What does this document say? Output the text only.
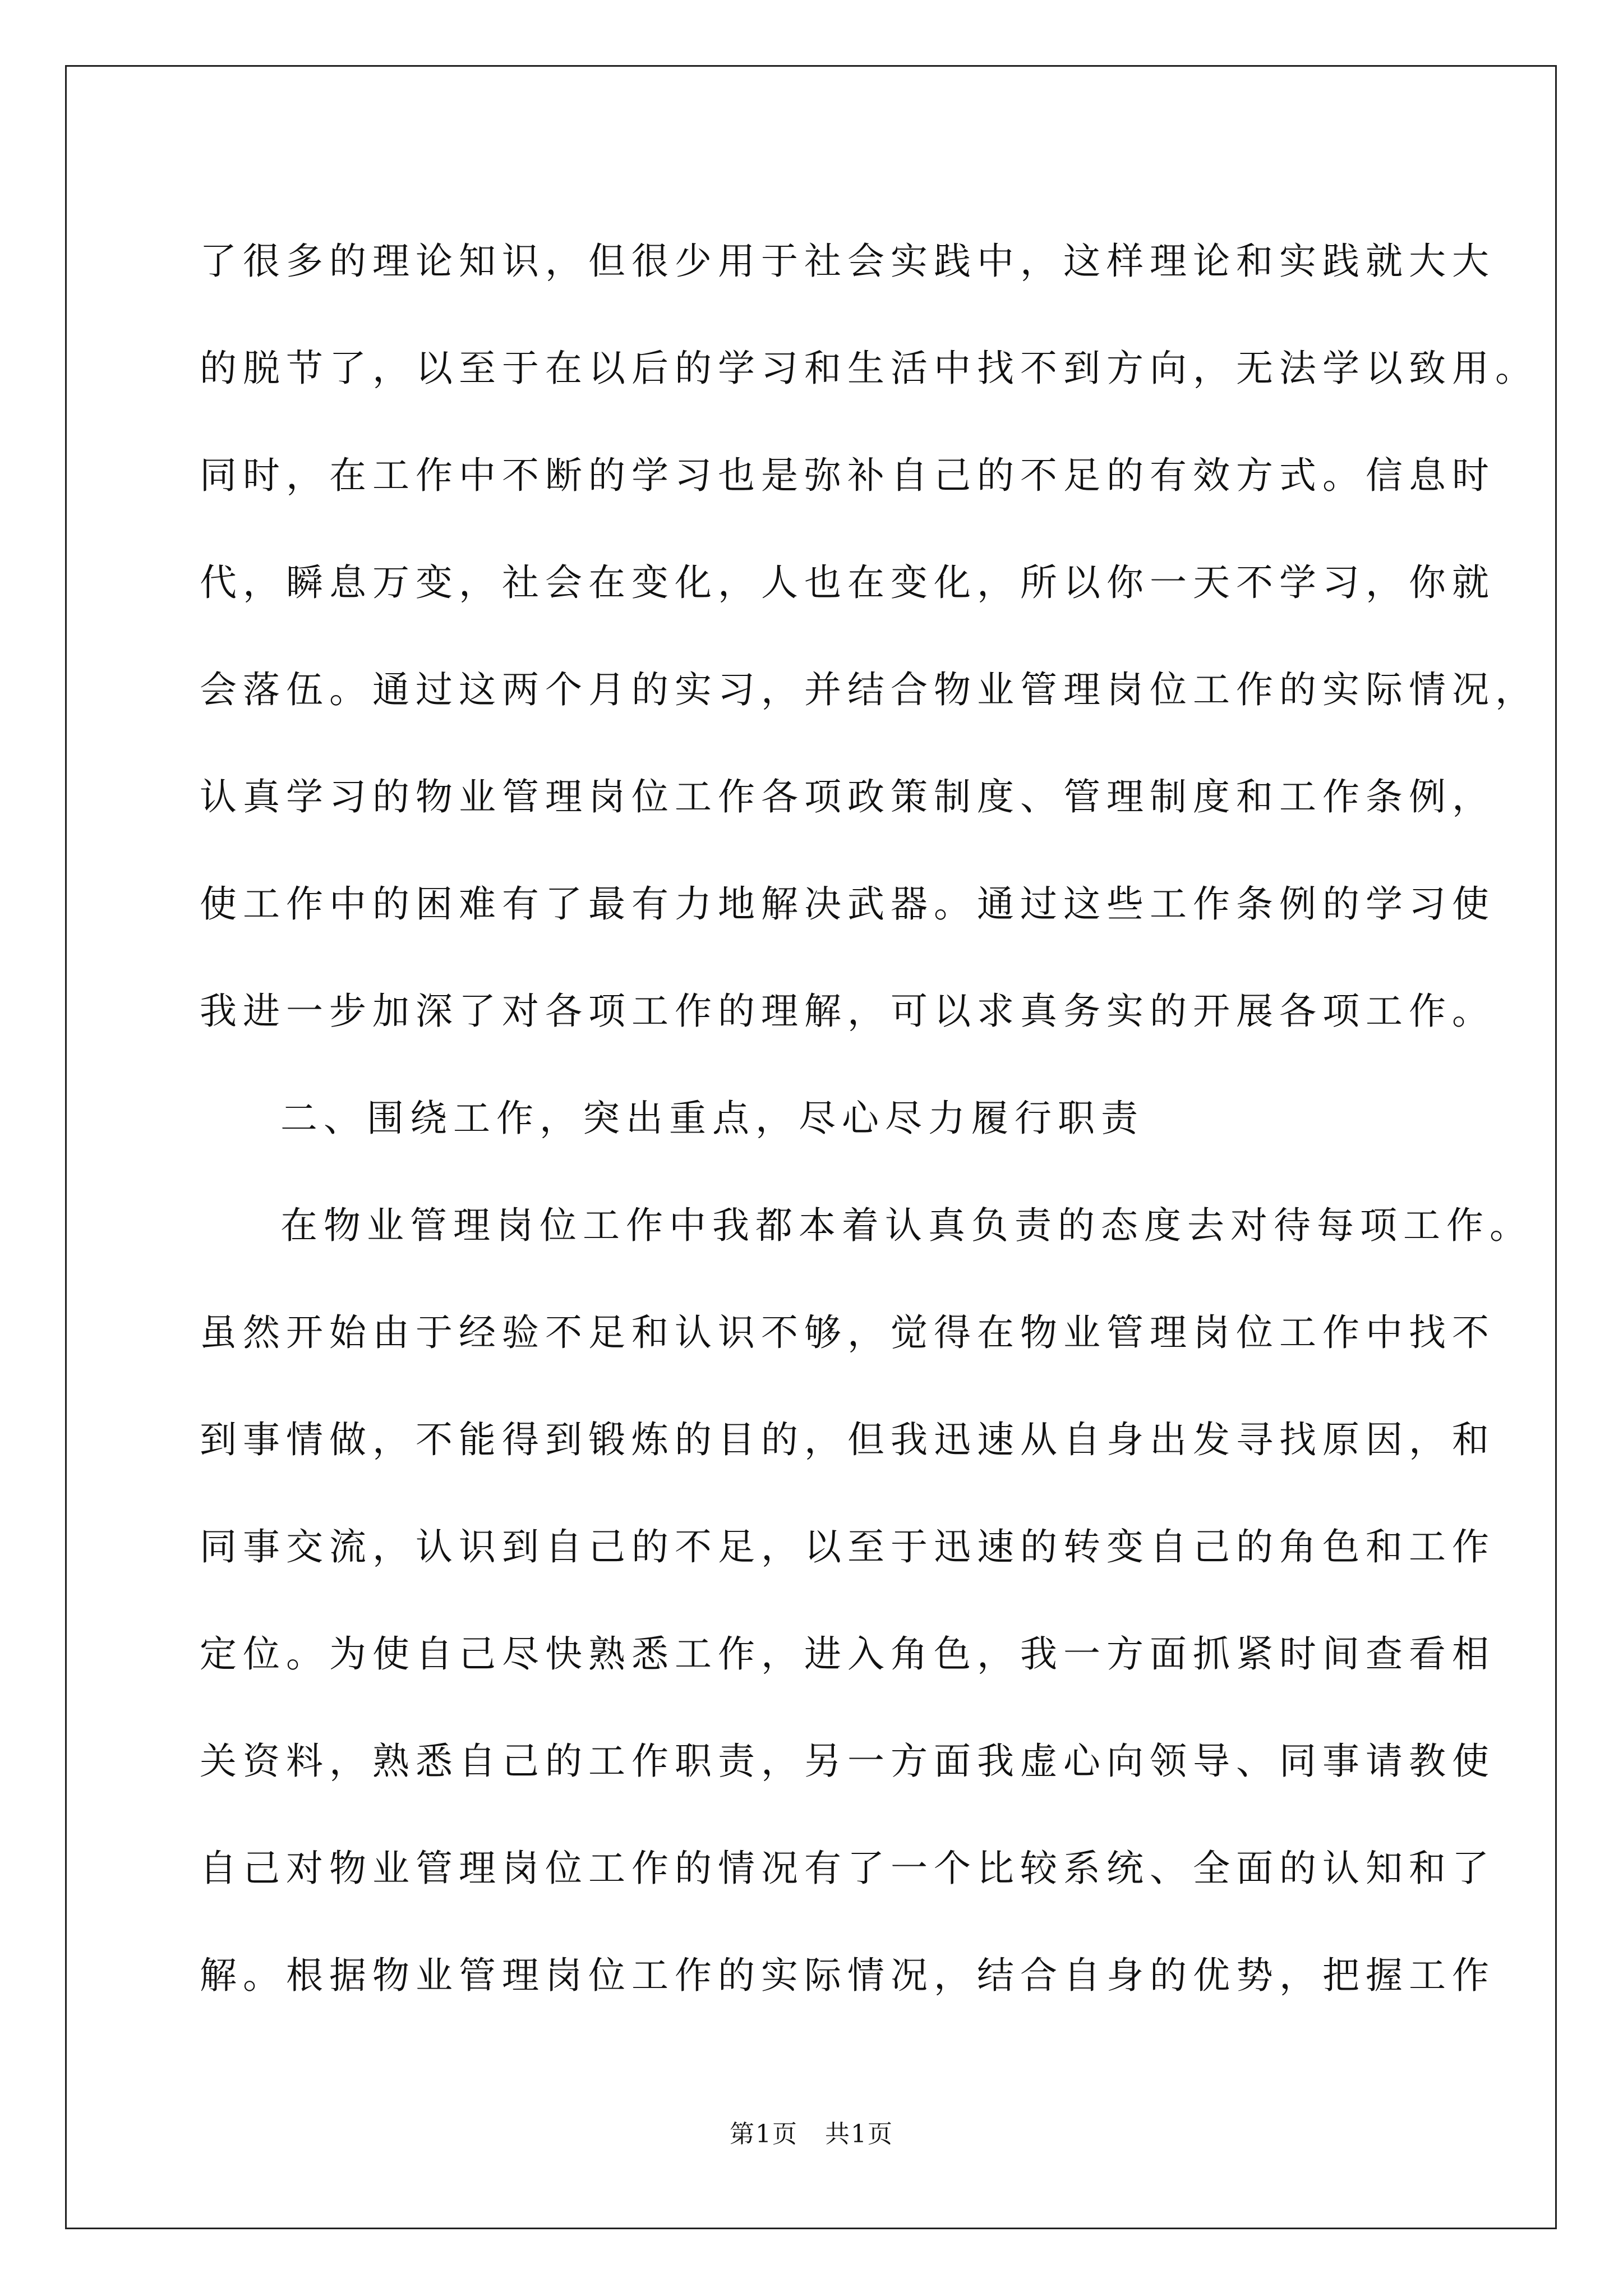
了很多的理论知识，但很少用于社会实践中，这样理论和实践就大大
的脱节了，以至于在以后的学习和生活中找不到方向，无法学以致用。
同时，在工作中不断的学习也是弥补自己的不足的有效方式。信息时
代，瞬息万变，社会在变化，人也在变化，所以你一天不学习，你就
会落伍。通过这两个月的实习，并结合物业管理岗位工作的实际情况，
认真学习的物业管理岗位工作各项政策制度、管理制度和工作条例，
使工作中的困难有了最有力地解决武器。通过这些工作条例的学习使
我进一步加深了对各项工作的理解，可以求真务实的开展各项工作。
二、围绕工作，突出重点，尽心尽力履行职责
在物业管理岗位工作中我都本着认真负责的态度去对待每项工作。
虽然开始由于经验不足和认识不够，觉得在物业管理岗位工作中找不
到事情做，不能得到锻炼的目的，但我迅速从自身出发寻找原因，和
同事交流，认识到自己的不足，以至于迅速的转变自己的角色和工作
定位。为使自己尽快熟悉工作，进入角色，我一方面抓紧时间查看相
关资料，熟悉自己的工作职责，另一方面我虚心向领导、同事请教使
自己对物业管理岗位工作的情况有了一个比较系统、全面的认知和了
解。根据物业管理岗位工作的实际情况，结合自身的优势，把握工作
第1页   共1页
